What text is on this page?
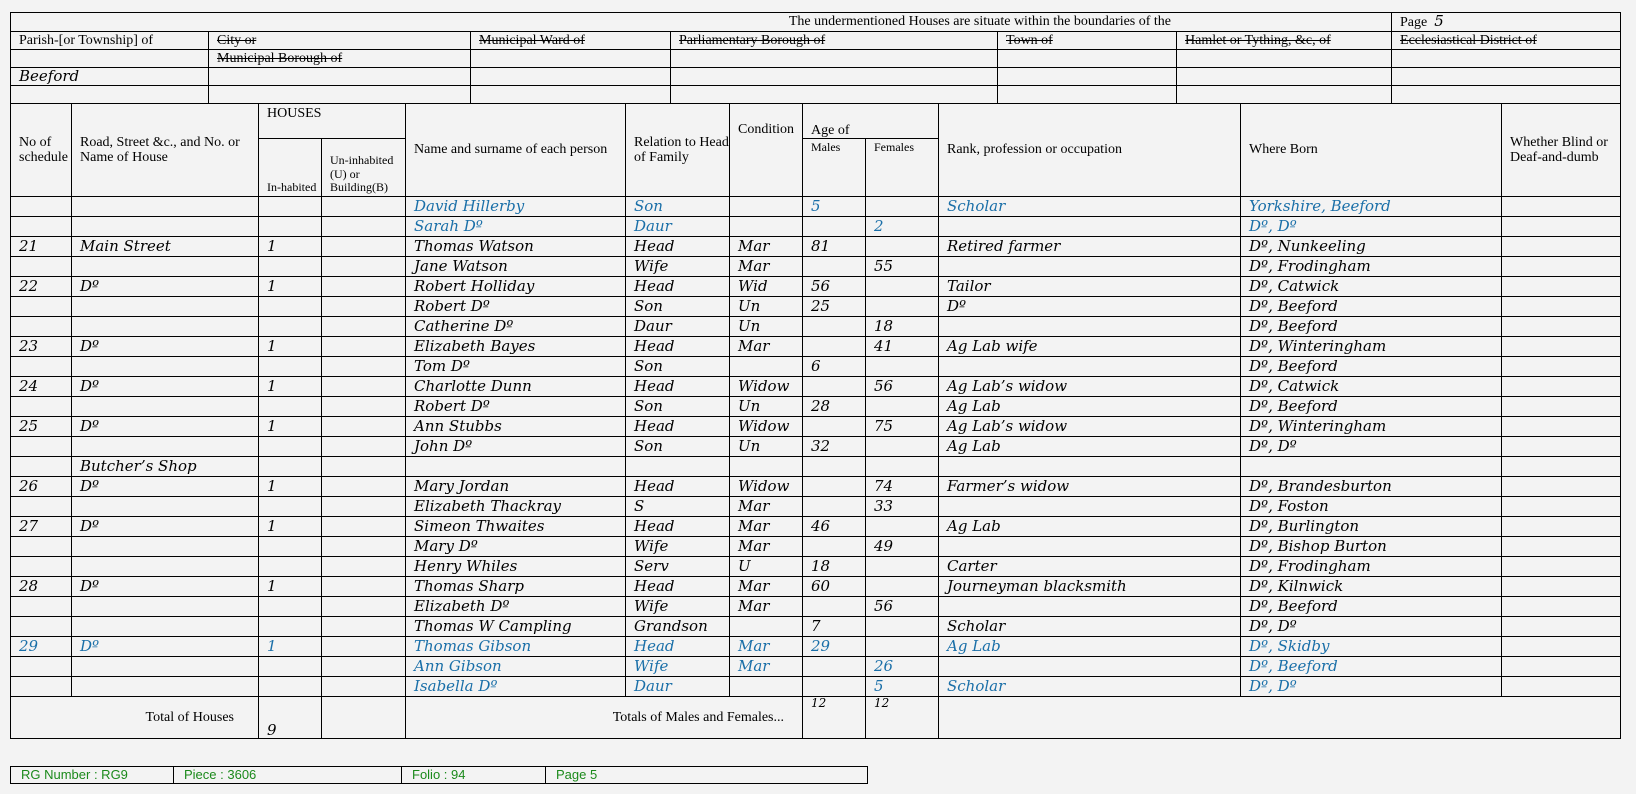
The undermentioned Houses are situate within the boundaries of the						Page 5
Parish-[or Township] of	City or	Municipal Ward of	Parliamentary Borough of	Town of	Hamlet or Tything, &c, of	Ecclesiastical District of
	Municipal Borough of					
Beeford						

No of schedule	Road, Street &c., and No. or Name of House	HOUSES		Name and surname of each person	Relation to Head of Family	Condition	Age of		Rank, profession or occupation	Where Born	Whether Blind or Deaf-and-dumb
		In-habited	Un-inhabited (U) or Building(B)				Males	Females			
				David Hillerby	Son		5		Scholar	Yorkshire, Beeford	
				Sarah Dº	Daur			2		Dº, Dº	
21	Main Street	1		Thomas Watson	Head	Mar	81		Retired farmer	Dº, Nunkeeling	
				Jane Watson	Wife	Mar		55		Dº, Frodingham	
22	Dº	1		Robert Holliday	Head	Wid	56		Tailor	Dº, Catwick	
				Robert Dº	Son	Un	25		Dº	Dº, Beeford	
				Catherine Dº	Daur	Un		18		Dº, Beeford	
23	Dº	1		Elizabeth Bayes	Head	Mar		41	Ag Lab wife	Dº, Winteringham	
				Tom Dº	Son		6			Dº, Beeford	
24	Dº	1		Charlotte Dunn	Head	Widow		56	Ag Lab’s widow	Dº, Catwick	
				Robert Dº	Son	Un	28		Ag Lab	Dº, Beeford	
25	Dº	1		Ann Stubbs	Head	Widow		75	Ag Lab’s widow	Dº, Winteringham	
				John Dº	Son	Un	32		Ag Lab	Dº, Dº	
	Butcher’s Shop										
26	Dº	1		Mary Jordan	Head	Widow		74	Farmer’s widow	Dº, Brandesburton	
				Elizabeth Thackray	S	Mar		33		Dº, Foston	
27	Dº	1		Simeon Thwaites	Head	Mar	46		Ag Lab	Dº, Burlington	
				Mary Dº	Wife	Mar		49		Dº, Bishop Burton	
				Henry Whiles	Serv	U	18		Carter	Dº, Frodingham	
28	Dº	1		Thomas Sharp	Head	Mar	60		Journeyman blacksmith	Dº, Kilnwick	
				Elizabeth Dº	Wife	Mar		56		Dº, Beeford	
				Thomas W Campling	Grandson		7		Scholar	Dº, Dº	
29	Dº	1		Thomas Gibson	Head	Mar	29		Ag Lab	Dº, Skidby	
				Ann Gibson	Wife	Mar		26		Dº, Beeford	
				Isabella Dº	Daur			5	Scholar	Dº, Dº	
Total of Houses		9		Totals of Males and Females...			12	12			
RG Number : RG9	Piece : 3606	Folio : 94	Page 5
